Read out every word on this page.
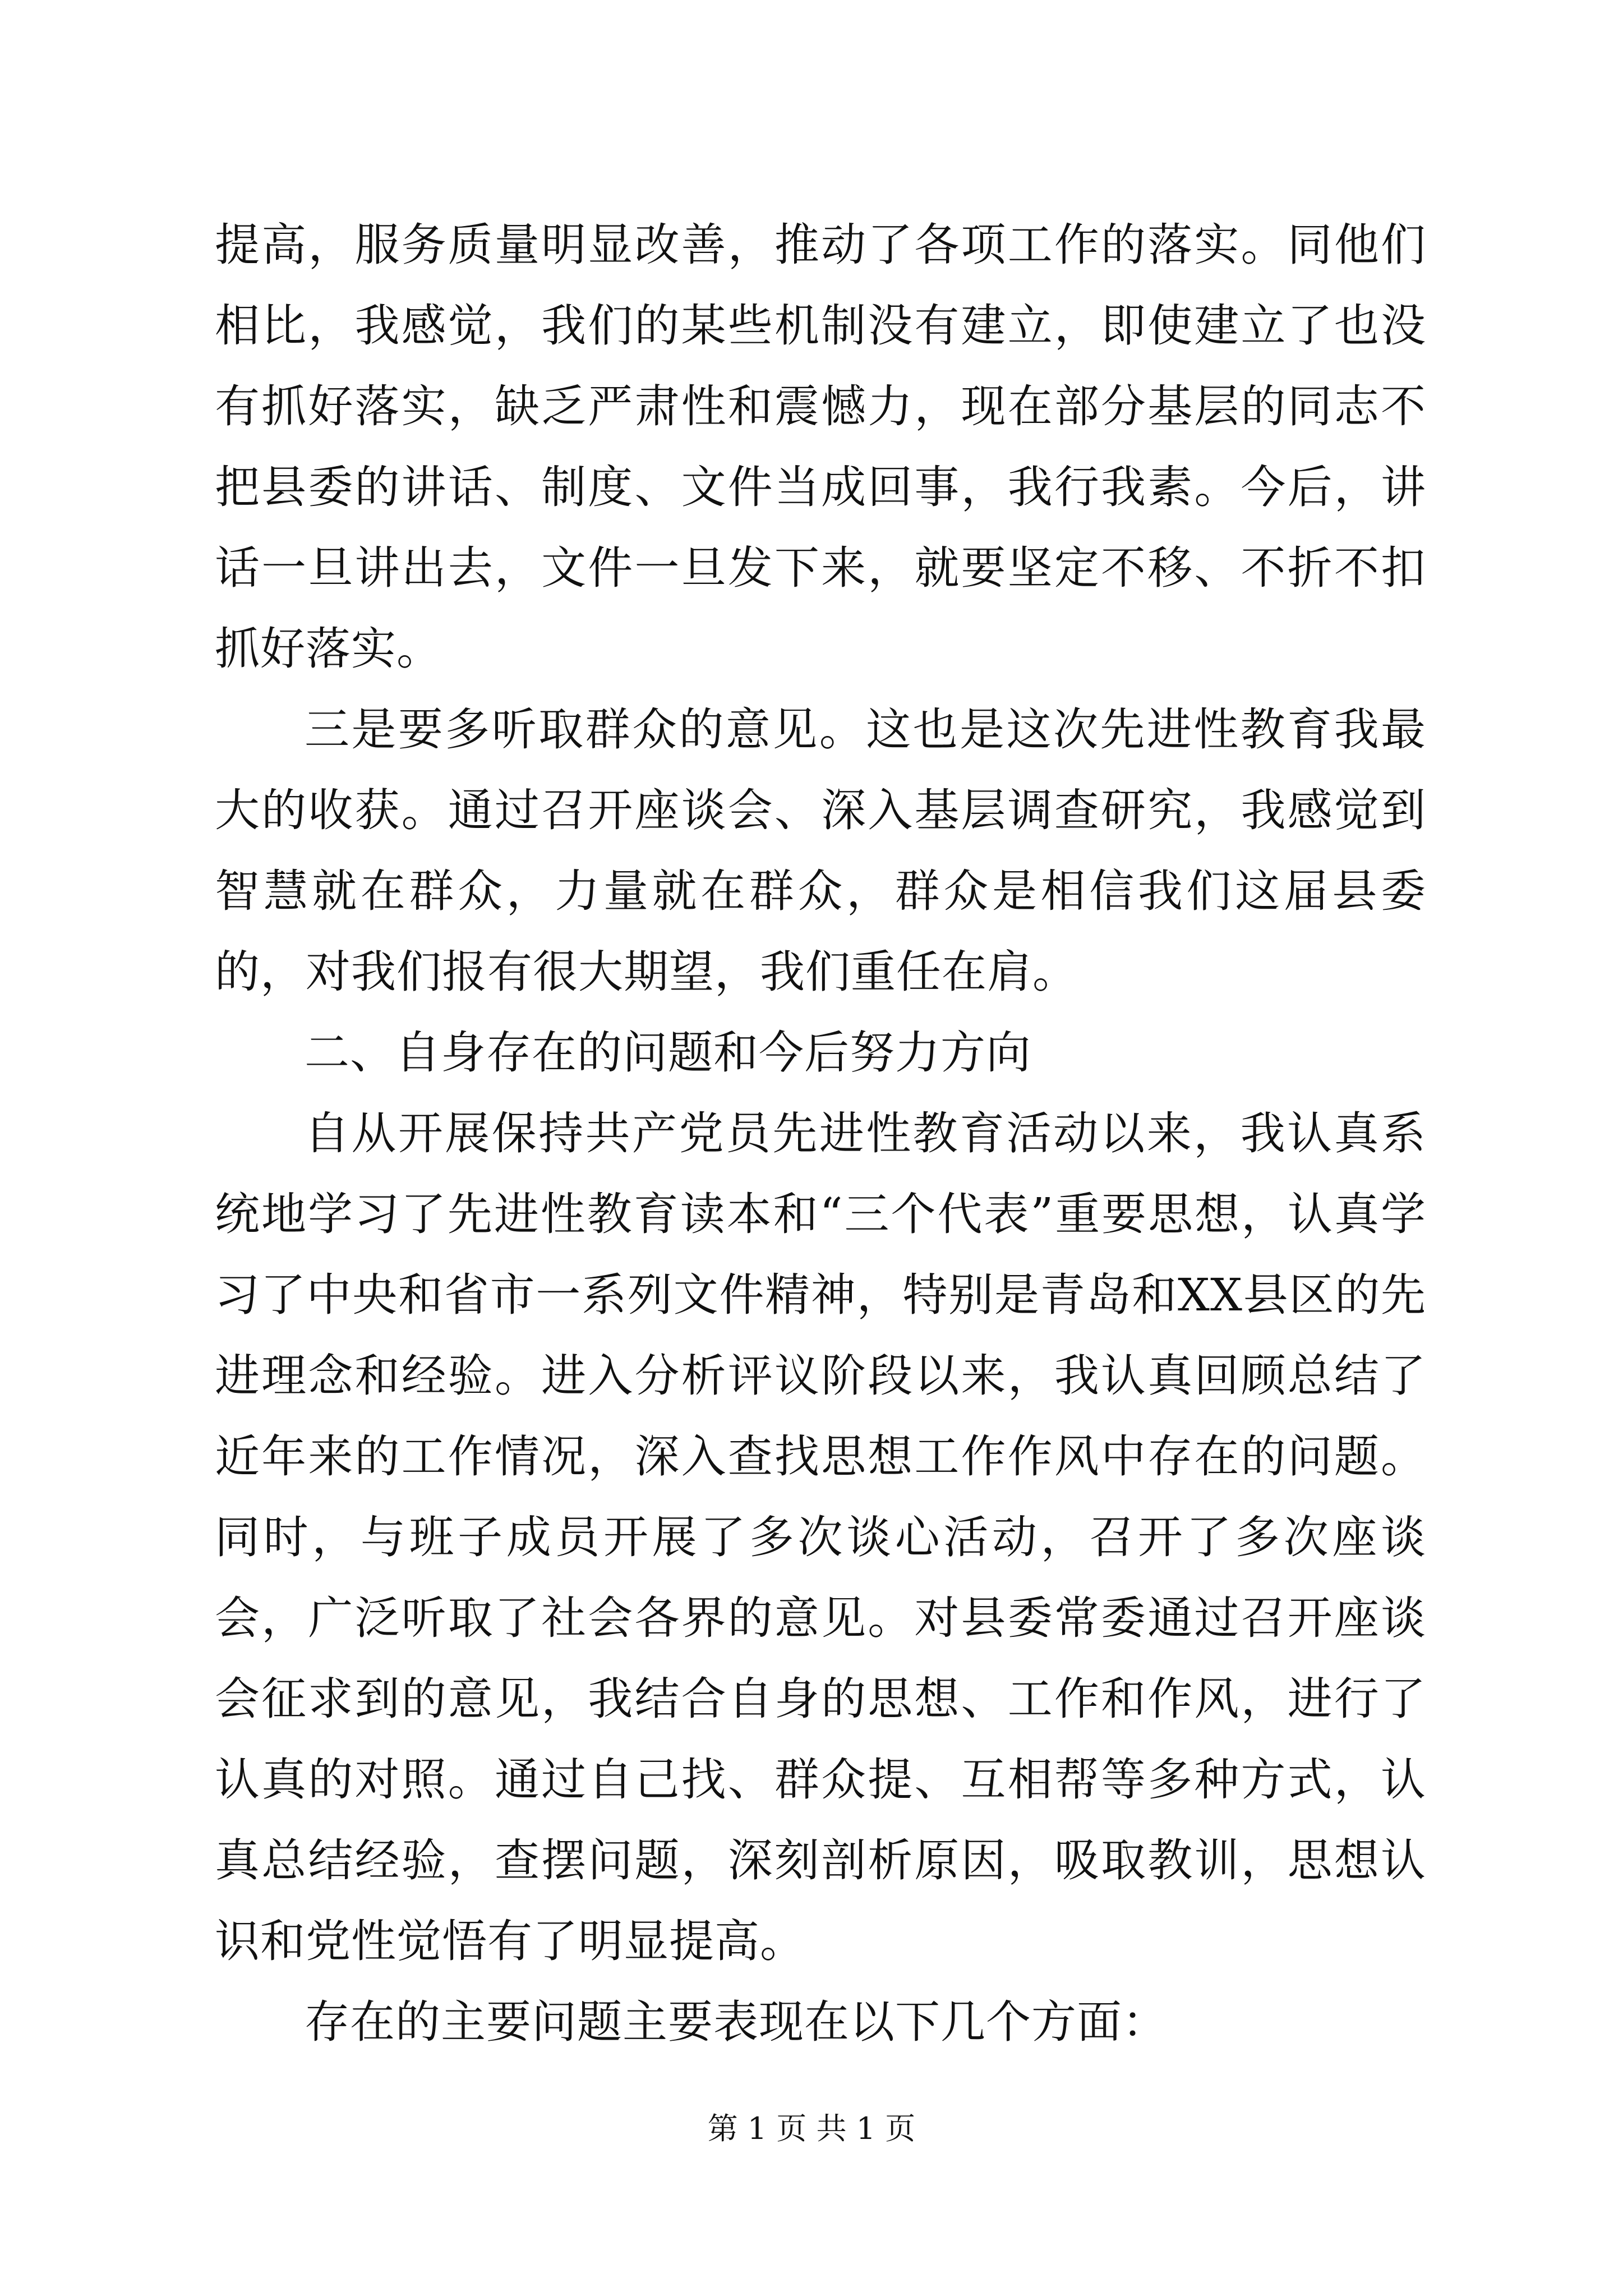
提高，服务质量明显改善，推动了各项工作的落实。同他们相比，我感觉，我们的某些机制没有建立，即使建立了也没有抓好落实，缺乏严肃性和震憾力，现在部分基层的同志不把县委的讲话、制度、文件当成回事，我行我素。今后，讲话一旦讲出去，文件一旦发下来，就要坚定不移、不折不扣抓好落实。

三是要多听取群众的意见。这也是这次先进性教育我最大的收获。通过召开座谈会、深入基层调查研究，我感觉到智慧就在群众，力量就在群众，群众是相信我们这届县委的，对我们报有很大期望，我们重任在肩。

二、自身存在的问题和今后努力方向

自从开展保持共产党员先进性教育活动以来，我认真系统地学习了先进性教育读本和“三个代表”重要思想，认真学习了中央和省市一系列文件精神，特别是青岛和XX县区的先进理念和经验。进入分析评议阶段以来，我认真回顾总结了近年来的工作情况，深入查找思想工作作风中存在的问题。同时，与班子成员开展了多次谈心活动，召开了多次座谈会，广泛听取了社会各界的意见。对县委常委通过召开座谈会征求到的意见，我结合自身的思想、工作和作风，进行了认真的对照。通过自己找、群众提、互相帮等多种方式，认真总结经验，查摆问题，深刻剖析原因，吸取教训，思想认识和党性觉悟有了明显提高。

存在的主要问题主要表现在以下几个方面：

第 1 页 共 1 页
